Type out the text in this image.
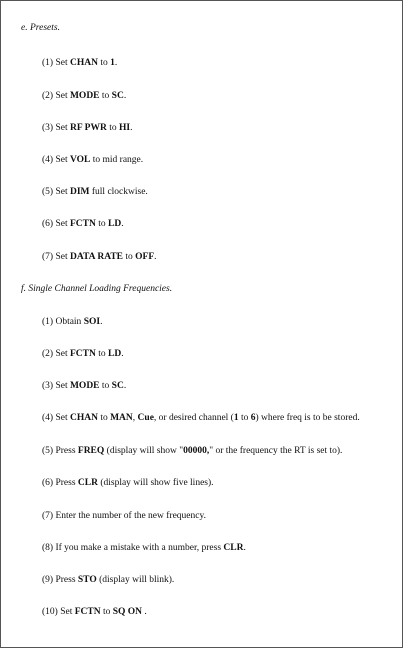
e. Presets.
(1) Set CHAN to 1.
(2) Set MODE to SC.
(3) Set RF PWR to HI.
(4) Set VOL to mid range.
(5) Set DIM full clockwise.
(6) Set FCTN to LD.
(7) Set DATA RATE to OFF.
f. Single Channel Loading Frequencies.
(1) Obtain SOI.
(2) Set FCTN to LD.
(3) Set MODE to SC.
(4) Set CHAN to MAN, Cue, or desired channel (1 to 6) where freq is to be stored.
(5) Press FREQ (display will show "00000," or the frequency the RT is set to).
(6) Press CLR (display will show five lines).
(7) Enter the number of the new frequency.
(8) If you make a mistake with a number, press CLR.
(9) Press STO (display will blink).
(10) Set FCTN to SQ ON .
